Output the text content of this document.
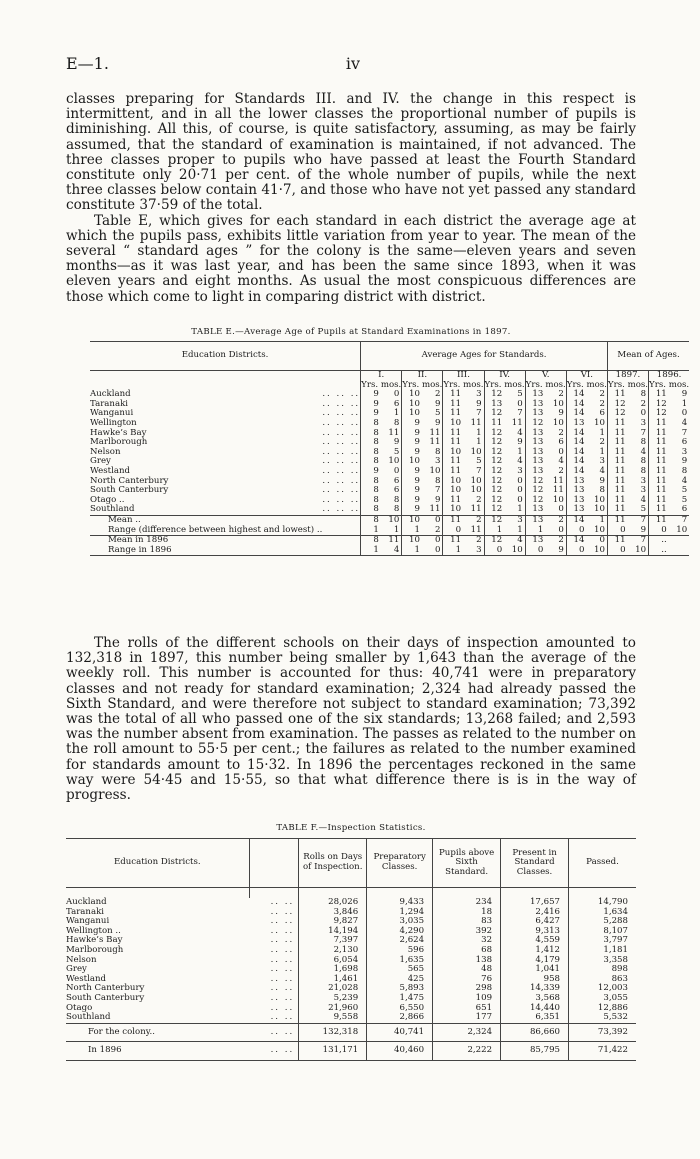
E—1.	iv

classes preparing for Standards III. and IV. the change in this respect is intermittent, and in all the lower classes the proportional number of pupils is diminishing. All this, of course, is quite satisfactory, assuming, as may be fairly assumed, that the standard of examination is maintained, if not advanced. The three classes proper to pupils who have passed at least the Fourth Standard constitute only 20·71 per cent. of the whole number of pupils, while the next three classes below contain 41·7, and those who have not yet passed any standard constitute 37·59 of the total.

Table E, which gives for each standard in each district the average age at which the pupils pass, exhibits little variation from year to year. The mean of the several “ standard ages ” for the colony is the same—eleven years and seven months—as it was last year, and has been the same since 1893, when it was eleven years and eight months. As usual the most conspicuous differences are those which come to light in comparing district with district.

TABLE E.—Average Age of Pupils at Standard Examinations in 1897.
Education Districts.		Average Ages for Standards.												Mean of Ages.			
		I.		II.		III.		IV.		V.		VI.		1897.		1896.	
		Yrs. mos.		Yrs. mos.		Yrs. mos.		Yrs. mos.		Yrs. mos.		Yrs. mos.		Yrs. mos.		Yrs. mos.	
Auckland	.. .. ..	9	0	10	2	11	3	12	5	13	2	14	2	11	8	11	9
Taranaki	.. .. ..	9	6	10	9	11	9	13	0	13	10	14	2	12	2	12	1
Wanganui	.. .. ..	9	1	10	5	11	7	12	7	13	9	14	6	12	0	12	0
Wellington	.. .. ..	8	8	9	9	10	11	11	11	12	10	13	10	11	3	11	4
Hawke’s Bay	.. .. ..	8	11	9	11	11	1	12	4	13	2	14	1	11	7	11	7
Marlborough	.. .. ..	8	9	9	11	11	1	12	9	13	6	14	2	11	8	11	6
Nelson	.. .. ..	8	5	9	8	10	10	12	1	13	0	14	1	11	4	11	3
Grey	.. .. ..	8	10	10	3	11	5	12	4	13	4	14	3	11	8	11	9
Westland	.. .. ..	9	0	9	10	11	7	12	3	13	2	14	4	11	8	11	8
North Canterbury	.. .. ..	8	6	9	8	10	10	12	0	12	11	13	9	11	3	11	4
South Canterbury	.. .. ..	8	6	9	7	10	10	12	0	12	11	13	8	11	3	11	5
Otago ..	.. .. ..	8	8	9	9	11	2	12	0	12	10	13	10	11	4	11	5
Southland	.. .. ..	8	8	9	11	10	11	12	1	13	0	13	10	11	5	11	6
Mean ..		8	10	10	0	11	2	12	3	13	2	14	1	11	7	11	7
Range (difference between highest and lowest) ..		1	1	1	2	0	11	1	1	1	0	0	10	0	9	0	10
Mean in 1896		8	11	10	0	11	2	12	4	13	2	14	0	11	7	..	
Range in 1896		1	4	1	0	1	3	0	10	0	9	0	10	0	10	..	

The rolls of the different schools on their days of inspection amounted to 132,318 in 1897, this number being smaller by 1,643 than the average of the weekly roll. This number is accounted for thus: 40,741 were in preparatory classes and not ready for standard examination; 2,324 had already passed the Sixth Standard, and were therefore not subject to standard examination; 73,392 was the total of all who passed one of the six standards; 13,268 failed; and 2,593 was the number absent from examination. The passes as related to the number on the roll amount to 55·5 per cent.; the failures as related to the number examined for standards amount to 15·32. In 1896 the percentages reckoned in the same way were 54·45 and 15·55, so that what difference there is is in the way of progress.

TABLE F.—Inspection Statistics.
Education Districts.		Rolls on Days of Inspection.	Preparatory Classes.	Pupils above Sixth Standard.	Present in Standard Classes.	Passed.

Auckland	.. ..	28,026	9,433	234	17,657	14,790
Taranaki	.. ..	3,846	1,294	18	2,416	1,634
Wanganui	.. ..	9,827	3,035	83	6,427	5,288
Wellington ..	.. ..	14,194	4,290	392	9,313	8,107
Hawke’s Bay	.. ..	7,397	2,624	32	4,559	3,797
Marlborough	.. ..	2,130	596	68	1,412	1,181
Nelson	.. ..	6,054	1,635	138	4,179	3,358
Grey	.. ..	1,698	565	48	1,041	898
Westland	.. ..	1,461	425	76	958	863
North Canterbury	.. ..	21,028	5,893	298	14,339	12,003
South Canterbury	.. ..	5,239	1,475	109	3,568	3,055
Otago	.. ..	21,960	6,550	651	14,440	12,886
Southland	.. ..	9,558	2,866	177	6,351	5,532
For the colony..	.. ..	132,318	40,741	2,324	86,660	73,392
In 1896	.. ..	131,171	40,460	2,222	85,795	71,422
